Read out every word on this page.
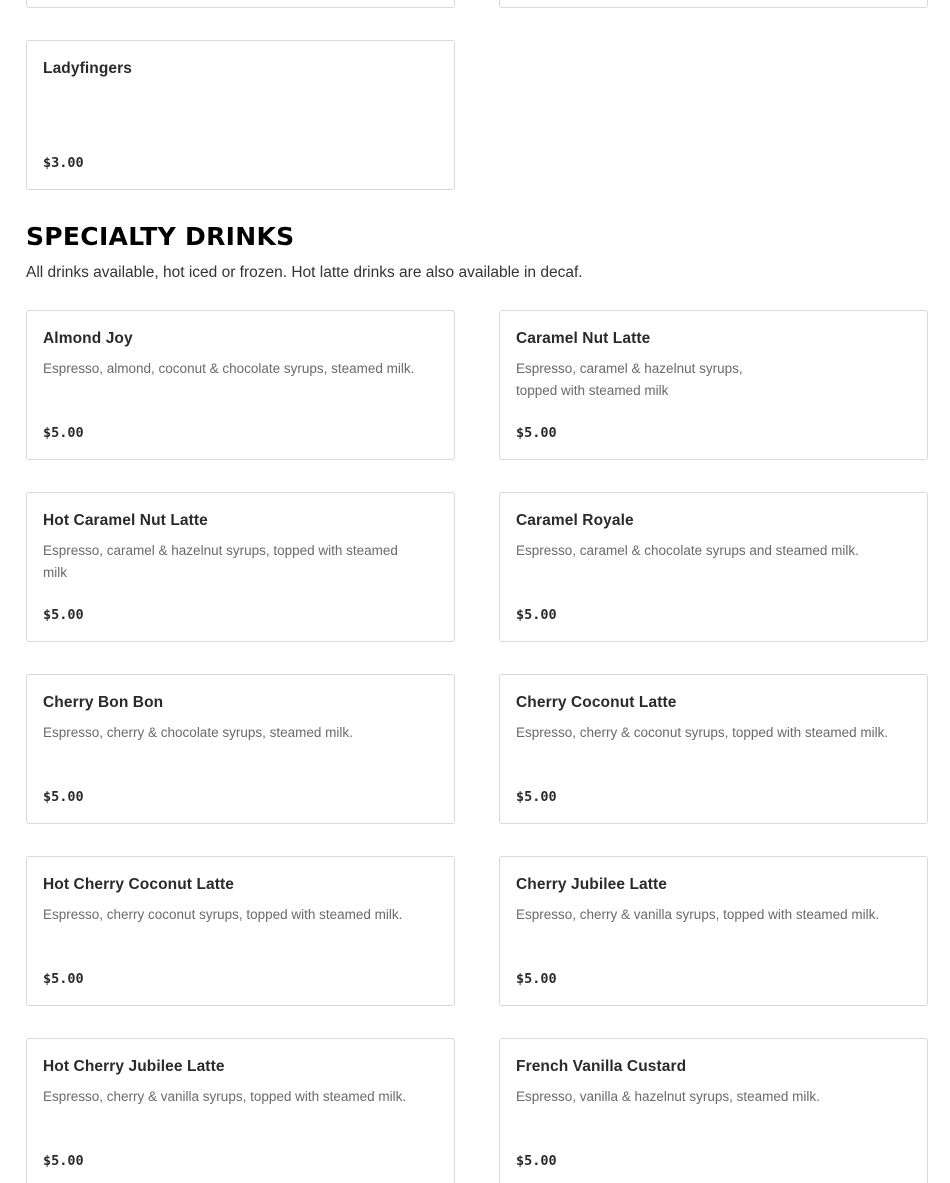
Ladyfingers
$3.00
SPECIALTY DRINKS
All drinks available, hot iced or frozen. Hot latte drinks are also available in decaf.
Almond Joy
Espresso, almond, coconut & chocolate syrups, steamed milk.
$5.00
Caramel Nut Latte
Espresso, caramel & hazelnut syrups, topped with steamed milk
$5.00
Hot Caramel Nut Latte
Espresso, caramel & hazelnut syrups, topped with steamed milk
$5.00
Caramel Royale
Espresso, caramel & chocolate syrups and steamed milk.
$5.00
Cherry Bon Bon
Espresso, cherry & chocolate syrups, steamed milk.
$5.00
Cherry Coconut Latte
Espresso, cherry & coconut syrups, topped with steamed milk.
$5.00
Hot Cherry Coconut Latte
Espresso, cherry coconut syrups, topped with steamed milk.
$5.00
Cherry Jubilee Latte
Espresso, cherry & vanilla syrups, topped with steamed milk.
$5.00
Hot Cherry Jubilee Latte
Espresso, cherry & vanilla syrups, topped with steamed milk.
$5.00
French Vanilla Custard
Espresso, vanilla & hazelnut syrups, steamed milk.
$5.00
